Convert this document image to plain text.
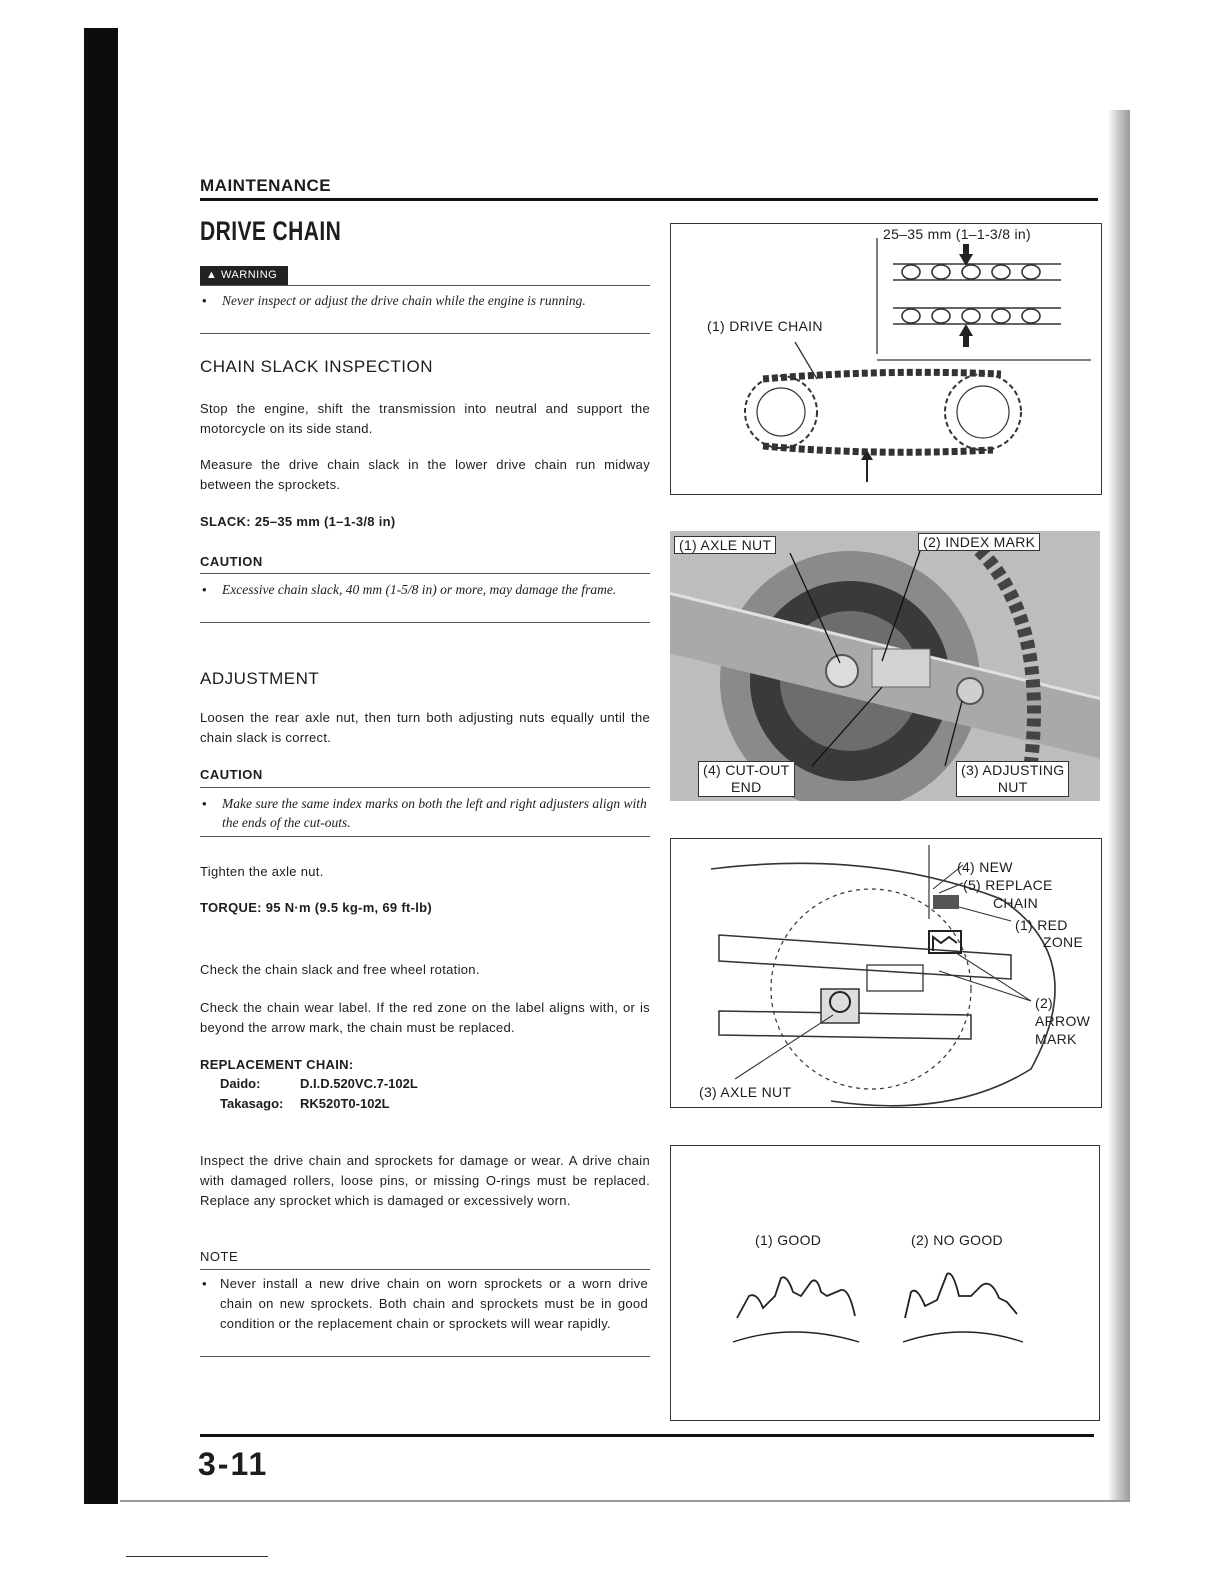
MAINTENANCE
DRIVE CHAIN
▲ WARNING
• Never inspect or adjust the drive chain while the engine is running.
CHAIN SLACK INSPECTION
Stop the engine, shift the transmission into neutral and support the motorcycle on its side stand.
Measure the drive chain slack in the lower drive chain run midway between the sprockets.
SLACK: 25–35 mm (1–1-3/8 in)
CAUTION
• Excessive chain slack, 40 mm (1-5/8 in) or more, may damage the frame.
ADJUSTMENT
Loosen the rear axle nut, then turn both adjusting nuts equally until the chain slack is correct.
CAUTION
• Make sure the same index marks on both the left and right adjusters align with the ends of the cut-outs.
Tighten the axle nut.
TORQUE: 95 N·m (9.5 kg-m, 69 ft-lb)
Check the chain slack and free wheel rotation.
Check the chain wear label. If the red zone on the label aligns with, or is beyond the arrow mark, the chain must be replaced.
REPLACEMENT CHAIN:
Daido:	D.I.D.520VC.7-102L
Takasago: RK520T0-102L
Inspect the drive chain and sprockets for damage or wear. A drive chain with damaged rollers, loose pins, or missing O-rings must be replaced. Replace any sprocket which is damaged or excessively worn.
NOTE
• Never install a new drive chain on worn sprockets or a worn drive chain on new sprockets. Both chain and sprockets must be in good condition or the replacement chain or sprockets will wear rapidly.
3-11
25–35 mm (1–1-3/8 in)
(1) DRIVE CHAIN
(1) AXLE NUT	(2) INDEX MARK
(4) CUT-OUT
END
(3) ADJUSTING
NUT
(4) NEW
(5) REPLACE
CHAIN
(1) RED
ZONE
(2)
ARROW
MARK
(3) AXLE NUT
(1) GOOD	(2) NO GOOD
